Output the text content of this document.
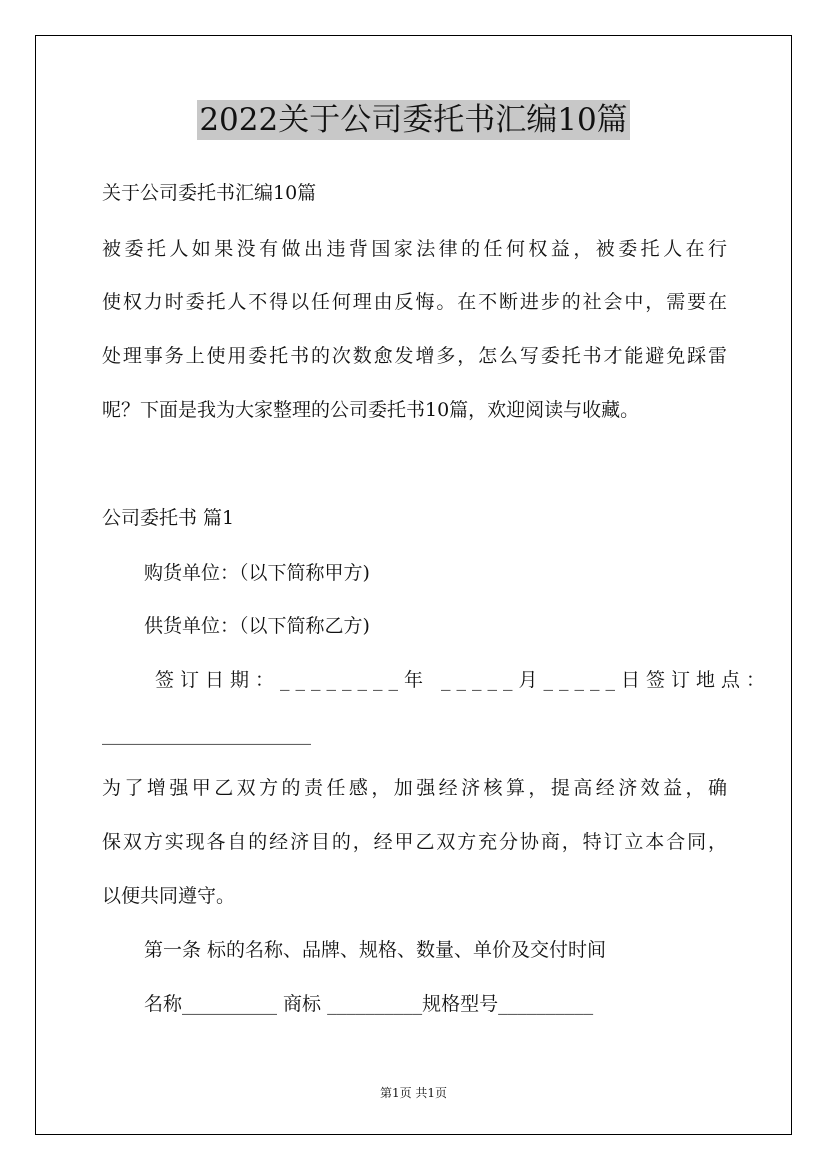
2022关于公司委托书汇编10篇
关于公司委托书汇编10篇
被委托人如果没有做出违背国家法律的任何权益，被委托人在行
使权力时委托人不得以任何理由反悔。在不断进步的社会中，需要在
处理事务上使用委托书的次数愈发增多，怎么写委托书才能避免踩雷
呢？下面是我为大家整理的公司委托书10篇，欢迎阅读与收藏。
公司委托书 篇1
购货单位：（以下简称甲方)
供货单位：（以下简称乙方)
签订日期：________年 _____月_____日 签订地点：
______________________
为了增强甲乙双方的责任感，加强经济核算，提高经济效益，确
保双方实现各自的经济目的，经甲乙双方充分协商，特订立本合同，
以便共同遵守。
第一条 标的名称、品牌、规格、数量、单价及交付时间
名称__________ 商标 __________规格型号__________
第1页 共1页
